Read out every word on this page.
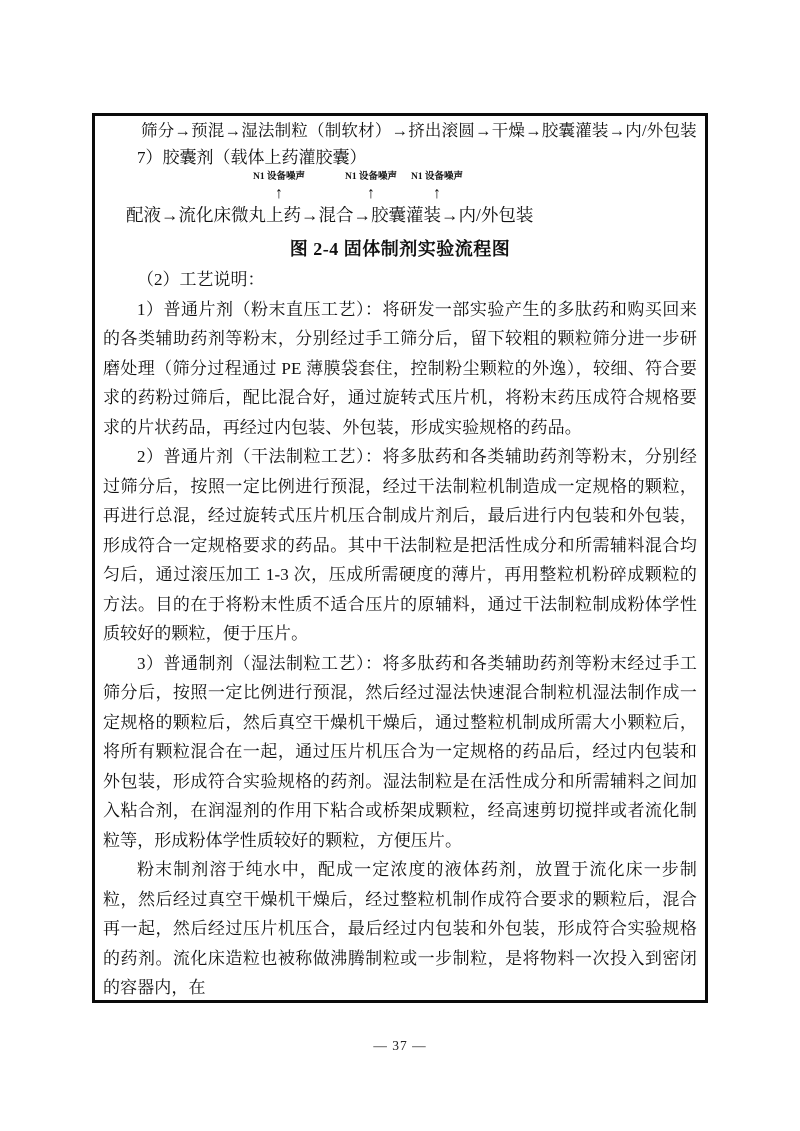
筛分→预混→湿法制粒（制软材）→挤出滚圆→干燥→胶囊灌装→内/外包装
7）胶囊剂（载体上药灌胶囊）
N1 设备噪声
↑
N1 设备噪声
↑
N1 设备噪声
↑
配液→流化床微丸上药→混合→胶囊灌装→内/外包装
图 2-4 固体制剂实验流程图
（2）工艺说明：

1）普通片剂（粉末直压工艺）：将研发一部实验产生的多肽药和购买回来的各类辅助药剂等粉末，分别经过手工筛分后，留下较粗的颗粒筛分进一步研磨处理（筛分过程通过 PE 薄膜袋套住，控制粉尘颗粒的外逸），较细、符合要求的药粉过筛后，配比混合好，通过旋转式压片机，将粉末药压成符合规格要求的片状药品，再经过内包装、外包装，形成实验规格的药品。

2）普通片剂（干法制粒工艺）：将多肽药和各类辅助药剂等粉末，分别经过筛分后，按照一定比例进行预混，经过干法制粒机制造成一定规格的颗粒，再进行总混，经过旋转式压片机压合制成片剂后，最后进行内包装和外包装，形成符合一定规格要求的药品。其中干法制粒是把活性成分和所需辅料混合均匀后，通过滚压加工 1-3 次，压成所需硬度的薄片，再用整粒机粉碎成颗粒的方法。目的在于将粉末性质不适合压片的原辅料，通过干法制粒制成粉体学性质较好的颗粒，便于压片。

3）普通制剂（湿法制粒工艺）：将多肽药和各类辅助药剂等粉末经过手工筛分后，按照一定比例进行预混，然后经过湿法快速混合制粒机湿法制作成一定规格的颗粒后，然后真空干燥机干燥后，通过整粒机制成所需大小颗粒后，将所有颗粒混合在一起，通过压片机压合为一定规格的药品后，经过内包装和外包装，形成符合实验规格的药剂。湿法制粒是在活性成分和所需辅料之间加入粘合剂，在润湿剂的作用下粘合或桥架成颗粒，经高速剪切搅拌或者流化制粒等，形成粉体学性质较好的颗粒，方便压片。

粉末制剂溶于纯水中，配成一定浓度的液体药剂，放置于流化床一步制粒，然后经过真空干燥机干燥后，经过整粒机制作成符合要求的颗粒后，混合再一起，然后经过压片机压合，最后经过内包装和外包装，形成符合实验规格的药剂。流化床造粒也被称做沸腾制粒或一步制粒，是将物料一次投入到密闭的容器内，在

— 37 —
